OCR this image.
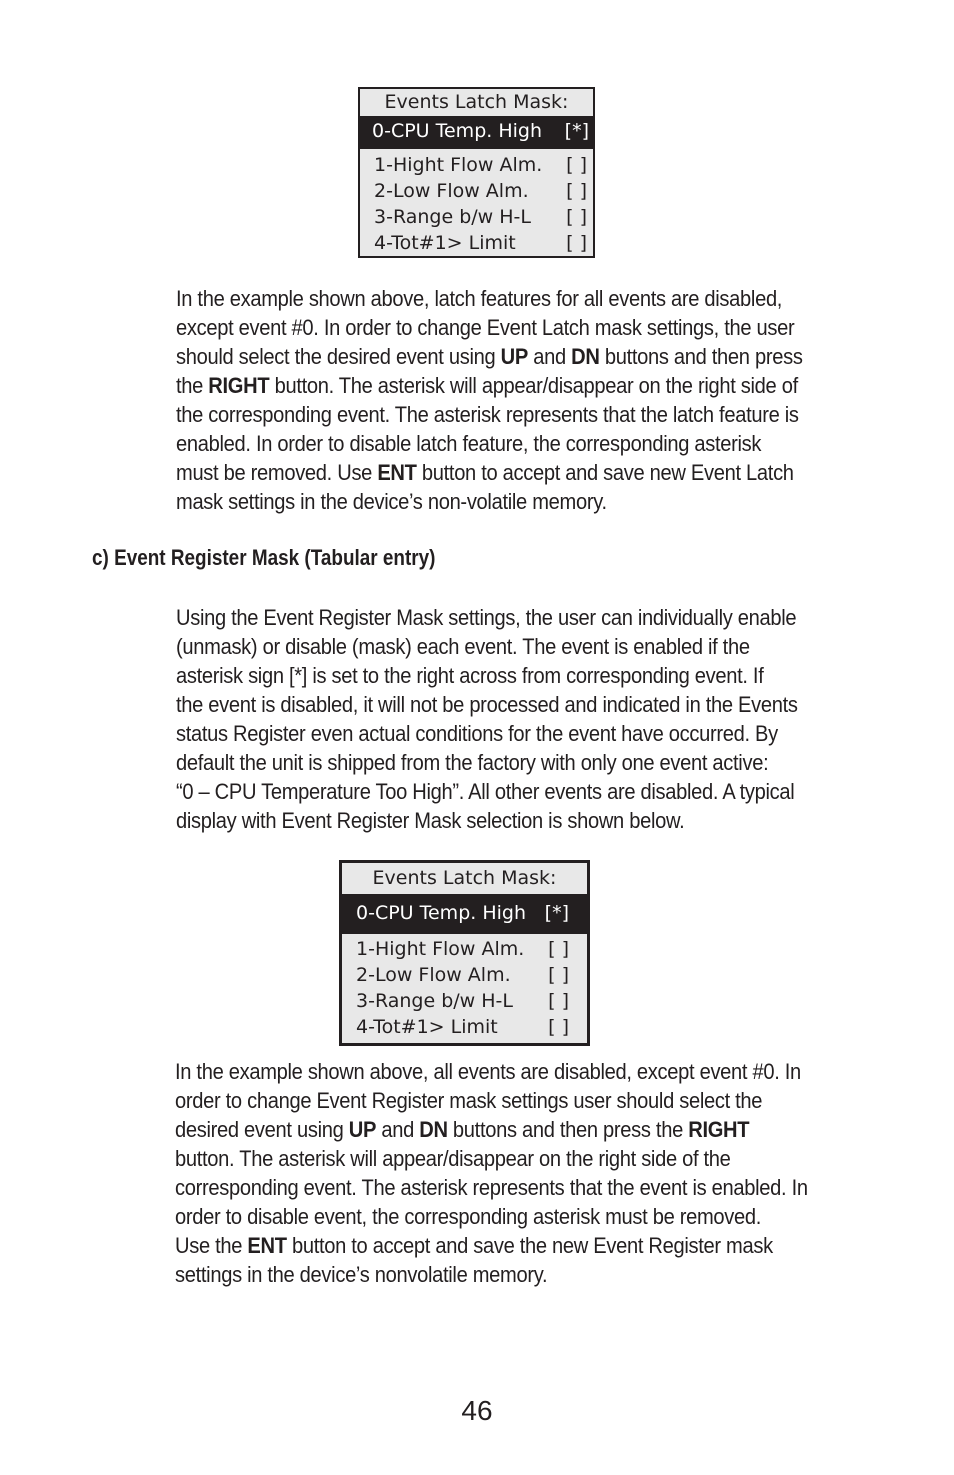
Events Latch Mask:
0-CPU Temp. High [*]
1-Hight Flow Alm. [ ]
2-Low Flow Alm. [ ]
3-Range b/w H-L [ ]
4-Tot#1> Limit	[ ]
In the example shown above, latch features for all events are disabled,
except event #0. In order to change Event Latch mask settings, the user
should select the desired event using UP and DN buttons and then press
the RIGHT button. The asterisk will appear/disappear on the right side of
the corresponding event. The asterisk represents that the latch feature is
enabled. In order to disable latch feature, the corresponding asterisk
must be removed. Use ENT button to accept and save new Event Latch
mask settings in the device’s non-volatile memory.
c) Event Register Mask (Tabular entry)
Using the Event Register Mask settings, the user can individually enable
(unmask) or disable (mask) each event. The event is enabled if the
asterisk sign [*] is set to the right across from corresponding event. If
the event is disabled, it will not be processed and indicated in the Events
status Register even actual conditions for the event have occurred. By
default the unit is shipped from the factory with only one event active:
“0 – CPU Temperature Too High”. All other events are disabled. A typical
display with Event Register Mask selection is shown below.
Events Latch Mask:
0-CPU Temp. High [*]
1-Hight Flow Alm. [ ]
2-Low Flow Alm. [ ]
3-Range b/w H-L [ ]
4-Tot#1> Limit	[ ]
In the example shown above, all events are disabled, except event #0. In
order to change Event Register mask settings user should select the
desired event using UP and DN buttons and then press the RIGHT
button. The asterisk will appear/disappear on the right side of the
corresponding event. The asterisk represents that the event is enabled. In
order to disable event, the corresponding asterisk must be removed.
Use the ENT button to accept and save the new Event Register mask
settings in the device’s nonvolatile memory.
46
